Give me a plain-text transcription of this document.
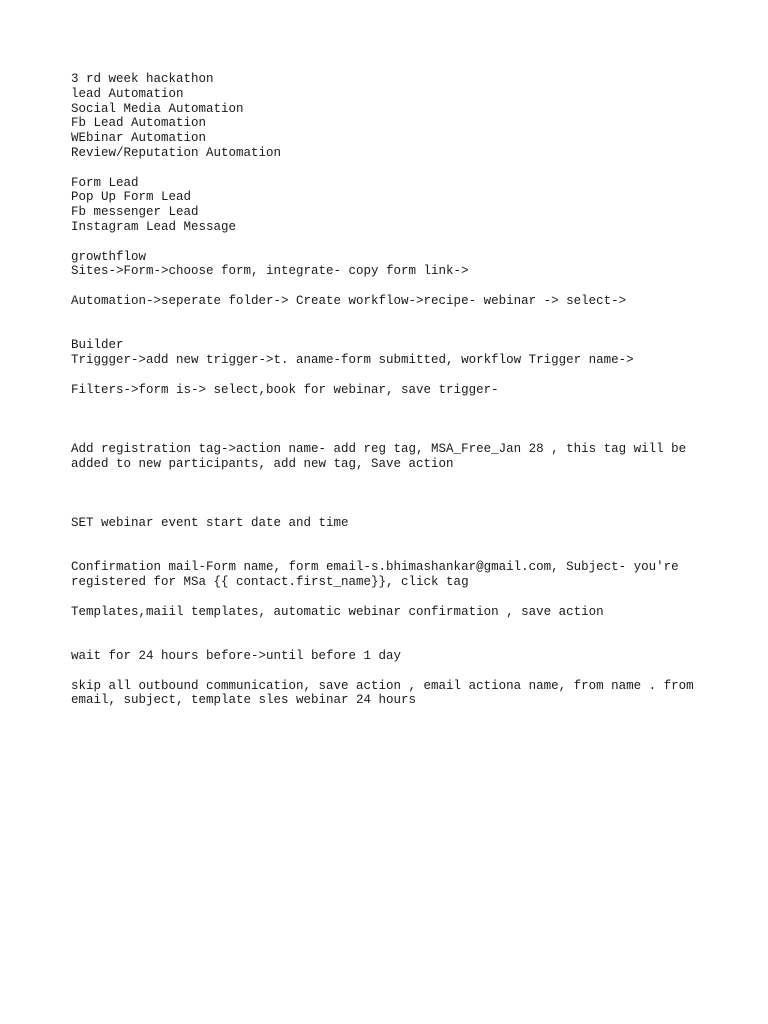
3 rd week hackathon
lead Automation
Social Media Automation
Fb Lead Automation
WEbinar Automation
Review/Reputation Automation
Form Lead
Pop Up Form Lead
Fb messenger Lead
Instagram Lead Message
growthflow
Sites->Form->choose form, integrate- copy form link->
Automation->seperate folder-> Create workflow->recipe- webinar -> select->
Builder
Triggger->add new trigger->t. aname-form submitted, workflow Trigger name->
Filters->form is-> select,book for webinar, save trigger-
Add registration tag->action name- add reg tag, MSA_Free_Jan 28 , this tag will be
added to new participants, add new tag, Save action
SET webinar event start date and time
Confirmation mail-Form name, form email-s.bhimashankar@gmail.com, Subject- you're
registered for MSa {{ contact.first_name}}, click tag
Templates,maiil templates, automatic webinar confirmation , save action
wait for 24 hours before->until before 1 day
skip all outbound communication, save action , email actiona name, from name . from
email, subject, template sles webinar 24 hours
